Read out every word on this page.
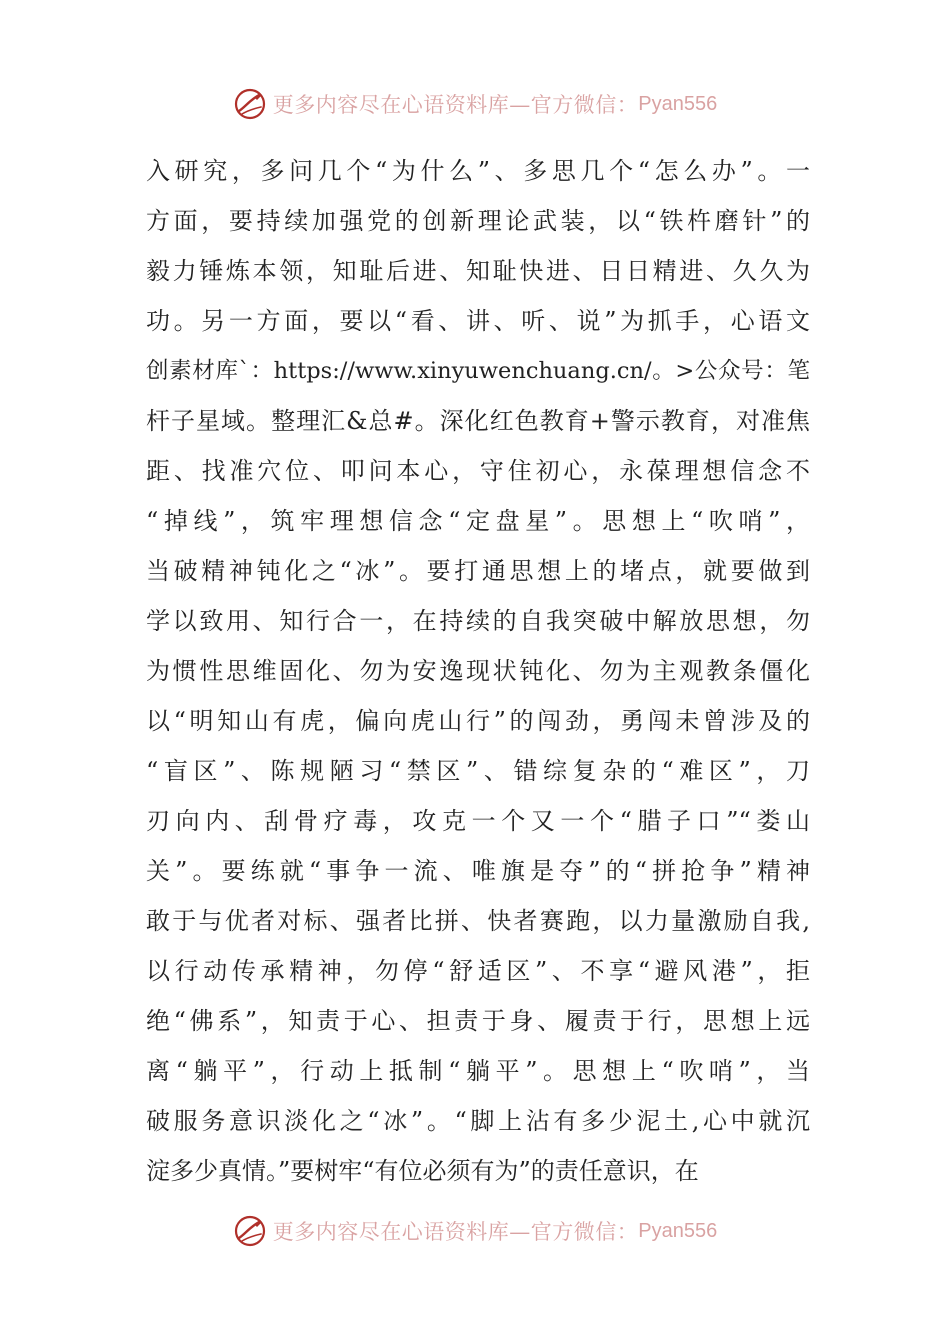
更多内容尽在心语资料库—官方微信： Pyan556
入研究，多问几个“为什么”、多思几个“怎么办”。一
方面，要持续加强党的创新理论武装，以“铁杵磨针”的
毅力锤炼本领，知耻后进、知耻快进、日日精进、久久为
功。另一方面，要以“看、讲、听、说”为抓手，心语文
创素材库`：https://www.xinyuwenchuang.cn/。>公众号：笔
杆子星域。整理汇&总#。深化红色教育+警示教育，对准焦
距、找准穴位、叩问本心，守住初心，永葆理想信念不
“掉线”，筑牢理想信念“定盘星”。思想上“吹哨”，
当破精神钝化之“冰”。要打通思想上的堵点，就要做到
学以致用、知行合一，在持续的自我突破中解放思想，勿
为惯性思维固化、勿为安逸现状钝化、勿为主观教条僵化
以“明知山有虎，偏向虎山行”的闯劲，勇闯未曾涉及的
“盲区”、陈规陋习“禁区”、错综复杂的“难区”，刀
刃向内、刮骨疗毒，攻克一个又一个“腊子口”“娄山
关”。要练就“事争一流、唯旗是夺”的“拼抢争”精神
敢于与优者对标、强者比拼、快者赛跑，以力量激励自我,
以行动传承精神，勿停“舒适区”、不享“避风港”，拒
绝“佛系”，知责于心、担责于身、履责于行，思想上远
离“躺平”，行动上抵制“躺平”。思想上“吹哨”，当
破服务意识淡化之“冰”。“脚上沾有多少泥土,心中就沉
淀多少真情。”要树牢“有位必须有为”的责任意识，在
更多内容尽在心语资料库—官方微信： Pyan556
